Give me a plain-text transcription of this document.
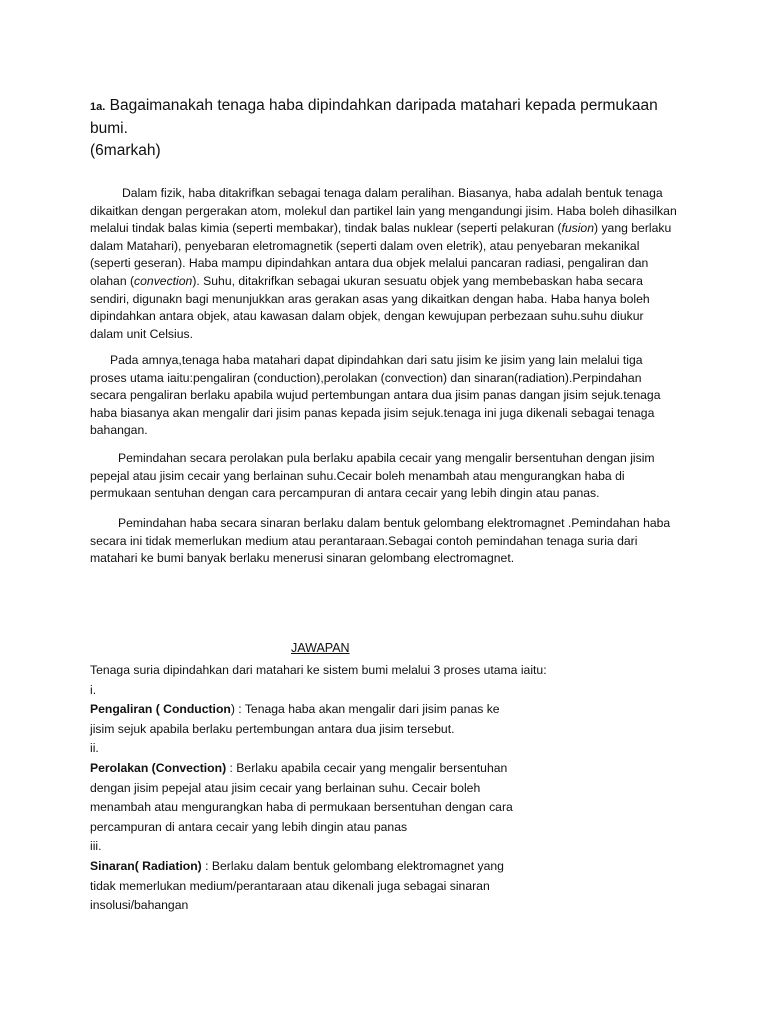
1a. Bagaimanakah tenaga haba dipindahkan daripada matahari kepada permukaan bumi.
(6markah)

Dalam fizik, haba ditakrifkan sebagai tenaga dalam peralihan. Biasanya, haba adalah bentuk tenaga dikaitkan dengan pergerakan atom, molekul dan partikel lain yang mengandungi jisim. Haba boleh dihasilkan melalui tindak balas kimia (seperti membakar), tindak balas nuklear (seperti pelakuran (fusion) yang berlaku dalam Matahari), penyebaran eletromagnetik (seperti dalam oven eletrik), atau penyebaran mekanikal (seperti geseran). Haba mampu dipindahkan antara dua objek melalui pancaran radiasi, pengaliran dan olahan (convection). Suhu, ditakrifkan sebagai ukuran sesuatu objek yang membebaskan haba secara sendiri, digunakn bagi menunjukkan aras gerakan asas yang dikaitkan dengan haba. Haba hanya boleh dipindahkan antara objek, atau kawasan dalam objek, dengan kewujupan perbezaan suhu.suhu diukur dalam unit Celsius.

Pada amnya,tenaga haba matahari dapat dipindahkan dari satu jisim ke jisim yang lain melalui tiga proses utama iaitu:pengaliran (conduction),perolakan (convection) dan sinaran(radiation).Perpindahan secara pengaliran berlaku apabila wujud pertembungan antara dua jisim panas dangan jisim sejuk.tenaga haba biasanya akan mengalir dari jisim panas kepada jisim sejuk.tenaga ini juga dikenali sebagai tenaga bahangan.

Pemindahan secara perolakan pula berlaku apabila cecair yang mengalir bersentuhan dengan jisim pepejal atau jisim cecair yang berlainan suhu.Cecair boleh menambah atau mengurangkan haba di permukaan sentuhan dengan cara percampuran di antara cecair yang lebih dingin atau panas.

Pemindahan haba secara sinaran berlaku dalam bentuk gelombang elektromagnet .Pemindahan haba secara ini tidak memerlukan medium atau perantaraan.Sebagai contoh pemindahan tenaga suria dari matahari ke bumi banyak berlaku menerusi sinaran gelombang electromagnet.

JAWAPAN
Tenaga suria dipindahkan dari matahari ke sistem bumi melalui 3 proses utama iaitu:
i.
Pengaliran ( Conduction) : Tenaga haba akan mengalir dari jisim panas ke
jisim sejuk apabila berlaku pertembungan antara dua jisim tersebut.
ii.
Perolakan (Convection) : Berlaku apabila cecair yang mengalir bersentuhan
dengan jisim pepejal atau jisim cecair yang berlainan suhu. Cecair boleh
menambah atau mengurangkan haba di permukaan bersentuhan dengan cara
percampuran di antara cecair yang lebih dingin atau panas
iii.
Sinaran( Radiation) : Berlaku dalam bentuk gelombang elektromagnet yang
tidak memerlukan medium/perantaraan atau dikenali juga sebagai sinaran
insolusi/bahangan
